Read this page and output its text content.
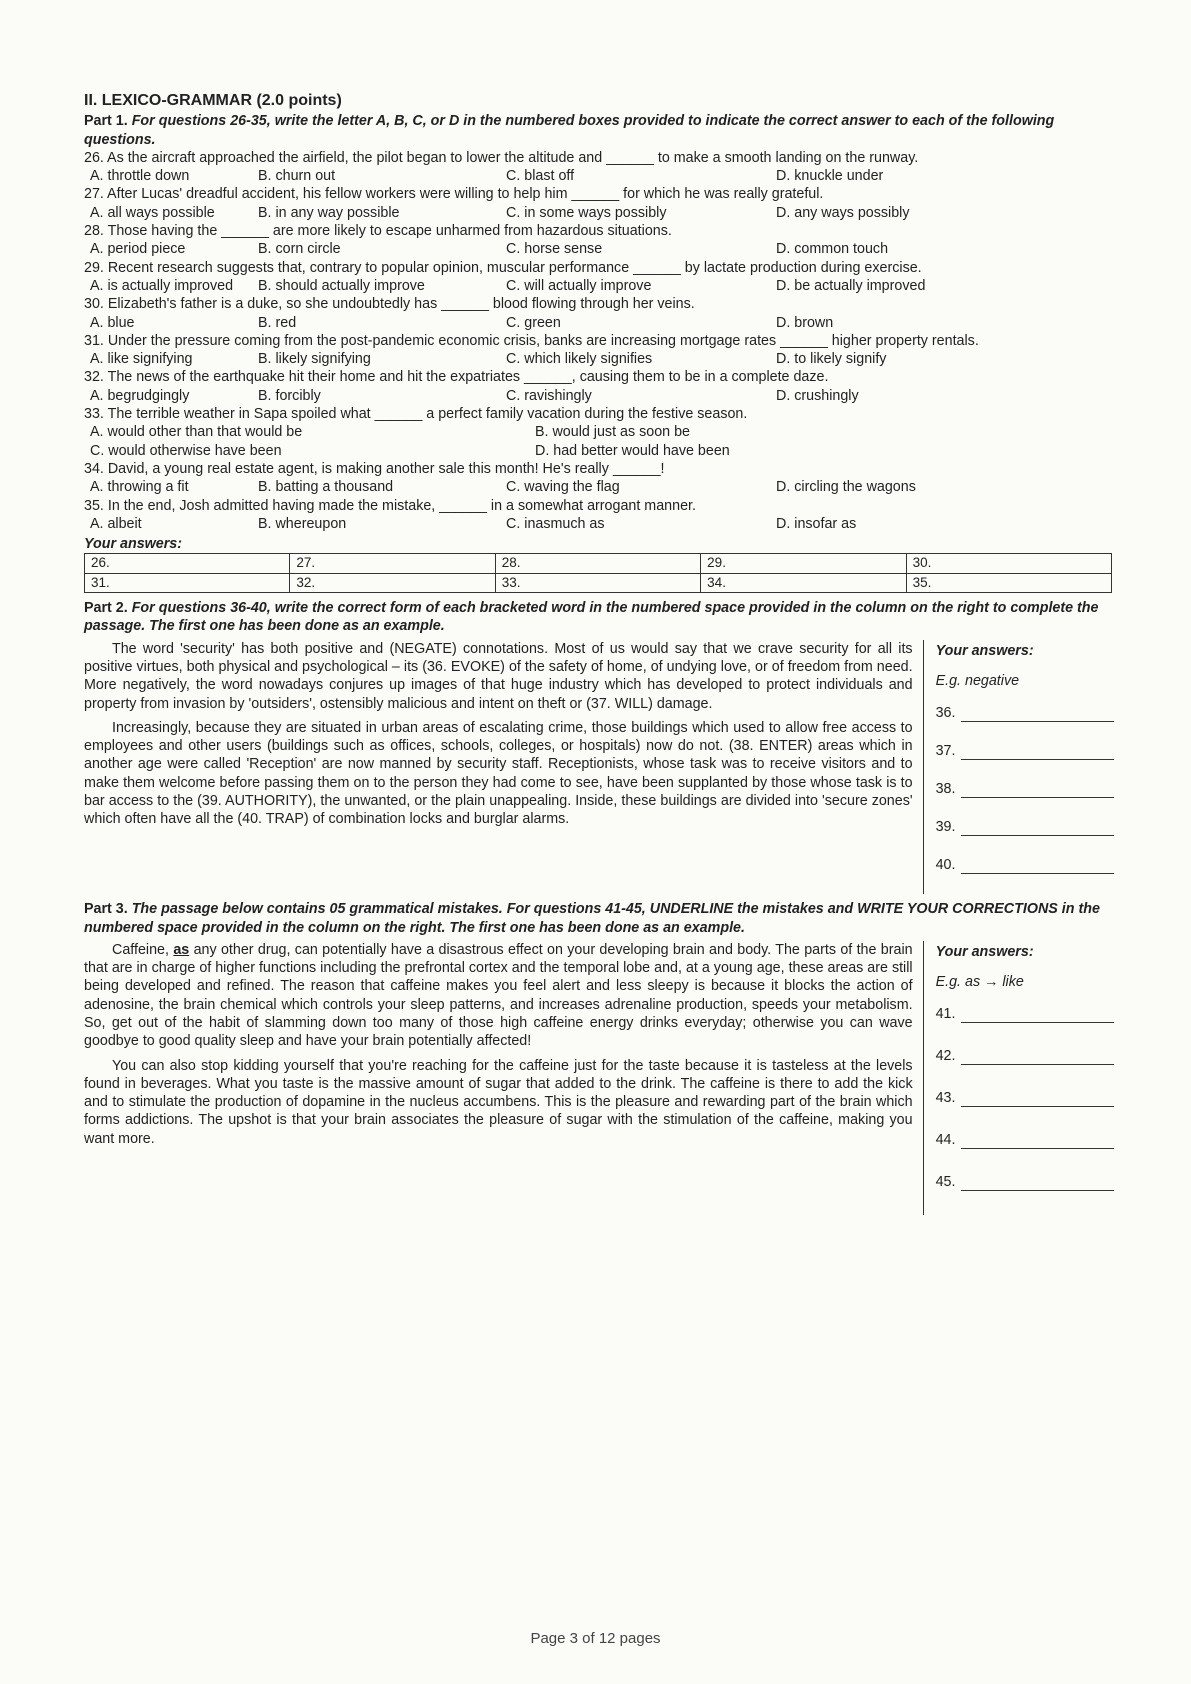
II. LEXICO-GRAMMAR (2.0 points)
Part 1. For questions 26-35, write the letter A, B, C, or D in the numbered boxes provided to indicate the correct answer to each of the following questions.
26. As the aircraft approached the airfield, the pilot began to lower the altitude and ______ to make a smooth landing on the runway.
A. throttle down	B. churn out	C. blast off	D. knuckle under
27. After Lucas' dreadful accident, his fellow workers were willing to help him ______ for which he was really grateful.
A. all ways possible	B. in any way possible	C. in some ways possibly	D. any ways possibly
28. Those having the ______ are more likely to escape unharmed from hazardous situations.
A. period piece	B. corn circle	C. horse sense	D. common touch
29. Recent research suggests that, contrary to popular opinion, muscular performance ______ by lactate production during exercise.
A. is actually improved	B. should actually improve	C. will actually improve	D. be actually improved
30. Elizabeth's father is a duke, so she undoubtedly has ______ blood flowing through her veins.
A. blue	B. red	C. green	D. brown
31. Under the pressure coming from the post-pandemic economic crisis, banks are increasing mortgage rates ______ higher property rentals.
A. like signifying	B. likely signifying	C. which likely signifies	D. to likely signify
32. The news of the earthquake hit their home and hit the expatriates ______, causing them to be in a complete daze.
A. begrudgingly	B. forcibly	C. ravishingly	D. crushingly
33. The terrible weather in Sapa spoiled what ______ a perfect family vacation during the festive season.
A. would other than that would be	B. would just as soon be
C. would otherwise have been	D. had better would have been
34. David, a young real estate agent, is making another sale this month! He's really ______!
A. throwing a fit	B. batting a thousand	C. waving the flag	D. circling the wagons
35. In the end, Josh admitted having made the mistake, ______ in a somewhat arrogant manner.
A. albeit	B. whereupon	C. inasmuch as	D. insofar as
Your answers:
26.	27.	28.	29.	30.
31.	32.	33.	34.	35.
Part 2. For questions 36-40, write the correct form of each bracketed word in the numbered space provided in the column on the right to complete the passage. The first one has been done as an example.

The word 'security' has both positive and (NEGATE) connotations. Most of us would say that we crave security for all its positive virtues, both physical and psychological – its (36. EVOKE) of the safety of home, of undying love, or of freedom from need. More negatively, the word nowadays conjures up images of that huge industry which has developed to protect individuals and property from invasion by 'outsiders', ostensibly malicious and intent on theft or (37. WILL) damage.

Increasingly, because they are situated in urban areas of escalating crime, those buildings which used to allow free access to employees and other users (buildings such as offices, schools, colleges, or hospitals) now do not. (38. ENTER) areas which in another age were called 'Reception' are now manned by security staff. Receptionists, whose task was to receive visitors and to make them welcome before passing them on to the person they had come to see, have been supplanted by those whose task is to bar access to the (39. AUTHORITY), the unwanted, or the plain unappealing. Inside, these buildings are divided into 'secure zones' which often have all the (40. TRAP) of combination locks and burglar alarms.

Your answers:
E.g. negative
36.
37.
38.
39.
40.
Part 3. The passage below contains 05 grammatical mistakes. For questions 41-45, UNDERLINE the mistakes and WRITE YOUR CORRECTIONS in the numbered space provided in the column on the right. The first one has been done as an example.

Caffeine, as any other drug, can potentially have a disastrous effect on your developing brain and body. The parts of the brain that are in charge of higher functions including the prefrontal cortex and the temporal lobe and, at a young age, these areas are still being developed and refined. The reason that caffeine makes you feel alert and less sleepy is because it blocks the action of adenosine, the brain chemical which controls your sleep patterns, and increases adrenaline production, speeds your metabolism. So, get out of the habit of slamming down too many of those high caffeine energy drinks everyday; otherwise you can wave goodbye to good quality sleep and have your brain potentially affected!

You can also stop kidding yourself that you're reaching for the caffeine just for the taste because it is tasteless at the levels found in beverages. What you taste is the massive amount of sugar that added to the drink. The caffeine is there to add the kick and to stimulate the production of dopamine in the nucleus accumbens. This is the pleasure and rewarding part of the brain which forms addictions. The upshot is that your brain associates the pleasure of sugar with the stimulation of the caffeine, making you want more.

Your answers:
E.g. as → like
41.
42.
43.
44.
45.
Page 3 of 12 pages
